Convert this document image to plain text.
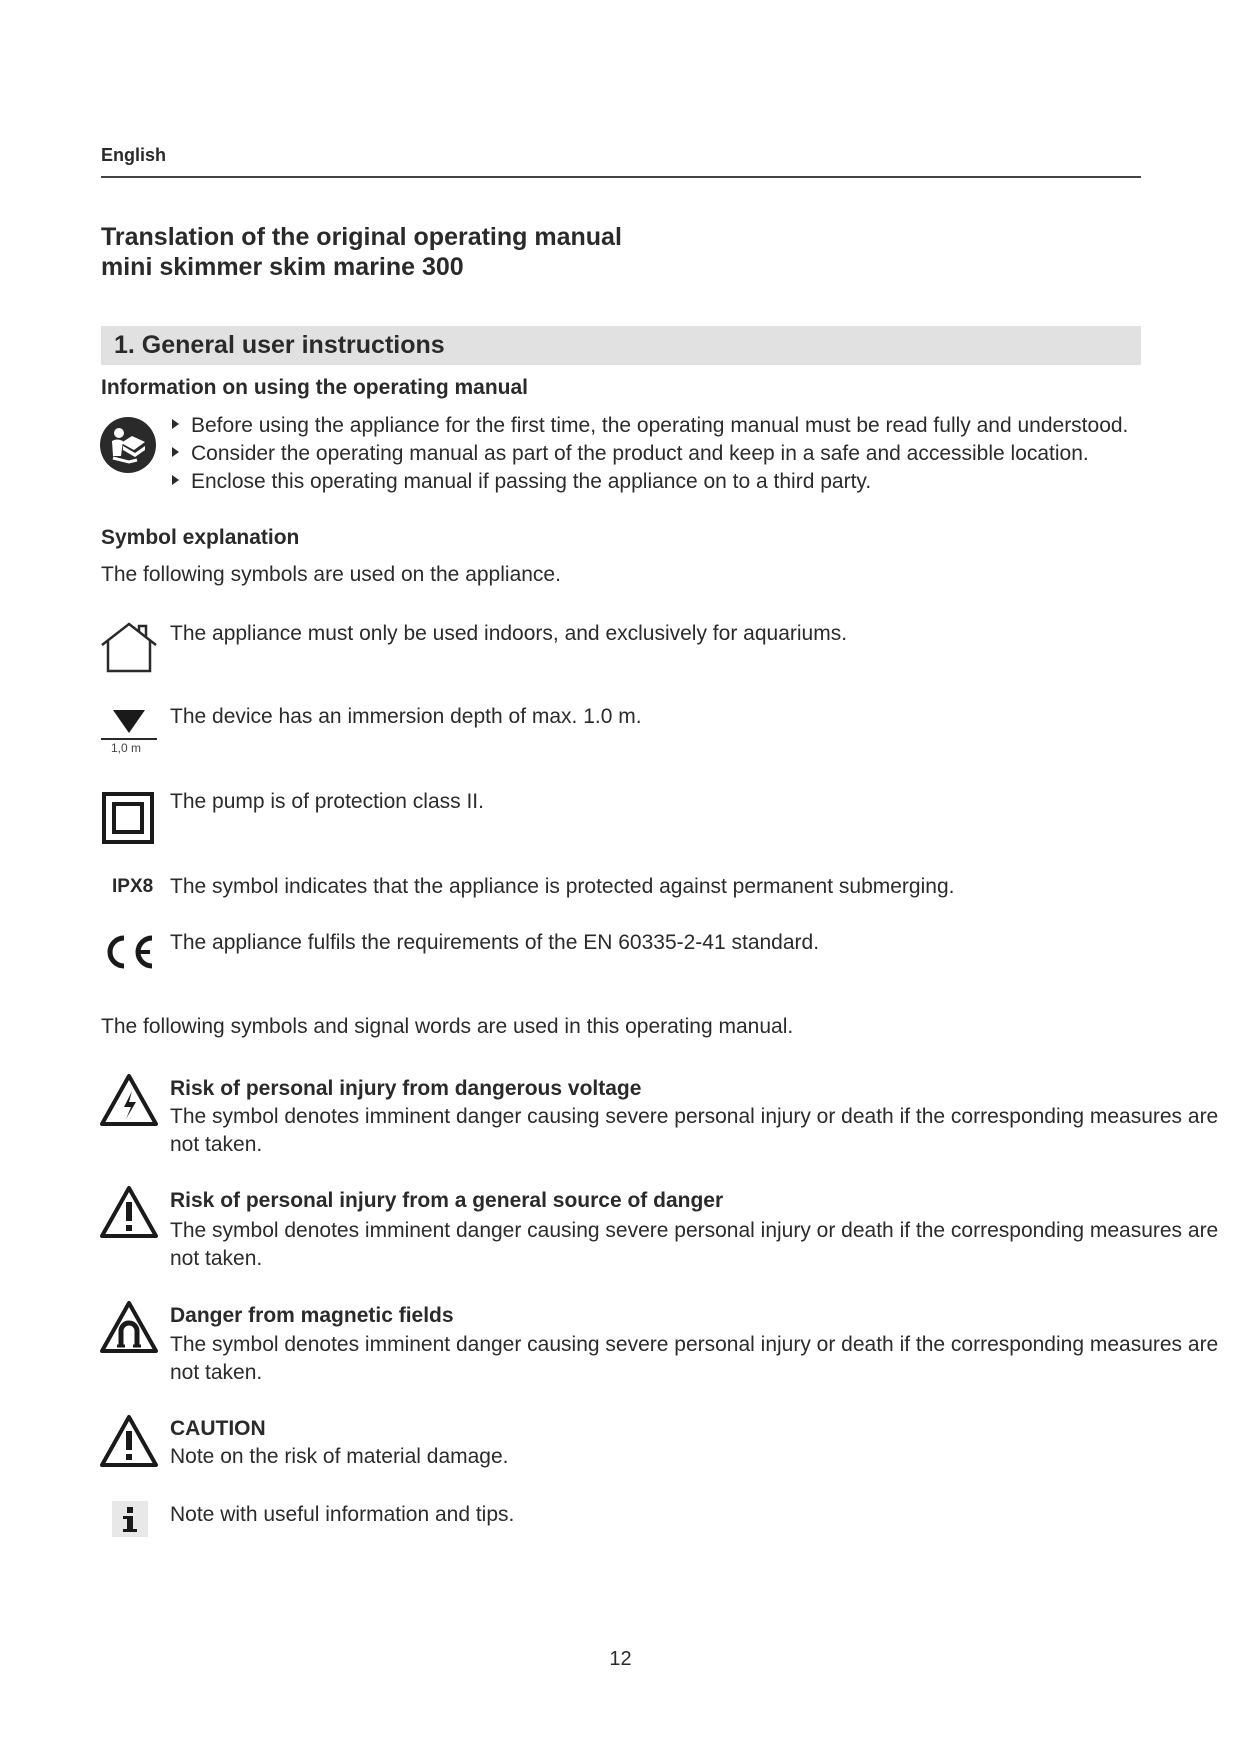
English
Translation of the original operating manual
mini skimmer skim marine 300
1. General user instructions
Information on using the operating manual
Before using the appliance for the first time, the operating manual must be read fully and understood.
Consider the operating manual as part of the product and keep in a safe and accessible location.
Enclose this operating manual if passing the appliance on to a third party.
Symbol explanation
The following symbols are used on the appliance.
The appliance must only be used indoors, and exclusively for aquariums.
1,0 m
The device has an immersion depth of max. 1.0 m.
The pump is of protection class II.
IPX8 The symbol indicates that the appliance is protected against permanent submerging.
The appliance fulfils the requirements of the EN 60335-2-41 standard.
The following symbols and signal words are used in this operating manual.
Risk of personal injury from dangerous voltage
The symbol denotes imminent danger causing severe personal injury or death if the corresponding measures are
not taken.
Risk of personal injury from a general source of danger
The symbol denotes imminent danger causing severe personal injury or death if the corresponding measures are
not taken.
Danger from magnetic fields
The symbol denotes imminent danger causing severe personal injury or death if the corresponding measures are
not taken.
CAUTION
Note on the risk of material damage.
Note with useful information and tips.
12
